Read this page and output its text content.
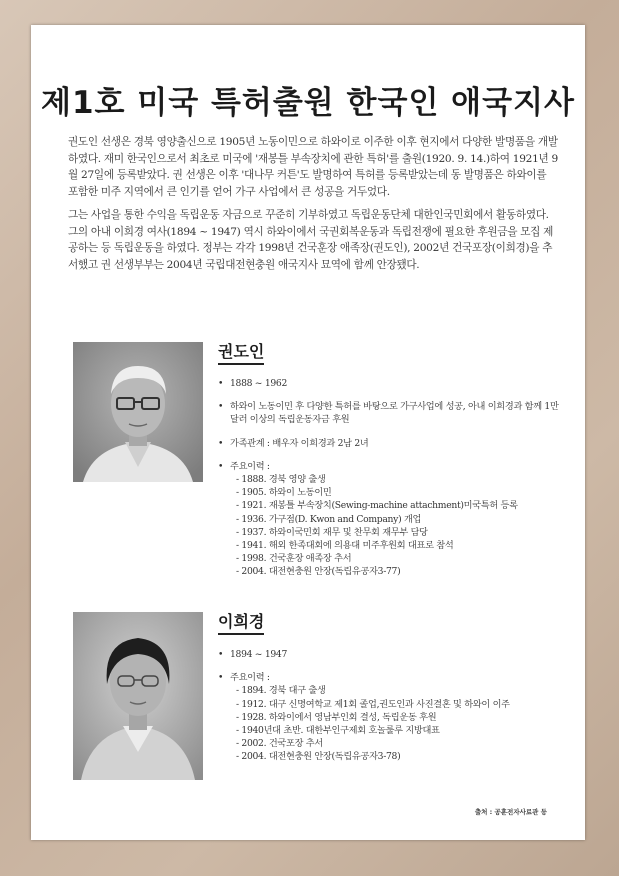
제1호 미국 특허출원 한국인 애국지사

권도인 선생은 경북 영양출신으로 1905년 노동이민으로 하와이로 이주한 이후 현지에서 다양한 발명품을 개발하였다. 재미 한국인으로서 최초로 미국에 '재봉틀 부속장치에 관한 특허'를 출원(1920. 9. 14.)하여 1921년 9월 27일에 등록받았다. 권 선생은 이후 '대나무 커튼'도 발명하여 특허를 등록받았는데 동 발명품은 하와이를 포함한 미주 지역에서 큰 인기를 얻어 가구 사업에서 큰 성공을 거두었다.

그는 사업을 통한 수익을 독립운동 자금으로 꾸준히 기부하였고 독립운동단체 대한인국민회에서 활동하였다. 그의 아내 이희경 여사(1894 ~ 1947) 역시 하와이에서 국권회복운동과 독립전쟁에 필요한 후원금을 모집 제공하는 등 독립운동을 하였다. 정부는 각각 1998년 건국훈장 애족장(권도인), 2002년 건국포장(이희경)을 추서했고 권 선생부부는 2004년 국립대전현충원 애국지사 묘역에 함께 안장됐다.

권도인
• 1888 ~ 1962
• 하와이 노동이민 후 다양한 특허를 바탕으로 가구사업에 성공, 아내 이희경과 함께 1만 달러 이상의 독립운동자금 후원
• 가족관계 : 배우자 이희경과 2남 2녀
• 주요이력 :
- 1888. 경북 영양 출생
- 1905. 하와이 노동이민
- 1921. 재봉틀 부속장치(Sewing-machine attachment)미국특허 등록
- 1936. 가구점(D. Kwon and Company) 개업
- 1937. 하와이국민회 재무 및 찬무회 재무부 담당
- 1941. 해외 한족대회에 의용대 미주후원회 대표로 참석
- 1998. 건국훈장 애족장 추서
- 2004. 대전현충원 안장(독립유공자3-77)
이희경
• 1894 ~ 1947
• 주요이력 :
- 1894. 경북 대구 출생
- 1912. 대구 신명여학교 제1회 졸업,권도인과 사진결혼 및 하와이 이주
- 1928. 하와이에서 영남부인회 결성, 독립운동 후원
- 1940년대 초반. 대한부인구제회 호놀룰루 지방대표
- 2002. 건국포장 추서
- 2004. 대전현충원 안장(독립유공자3-78)
출처 : 공훈전자사료관 등
